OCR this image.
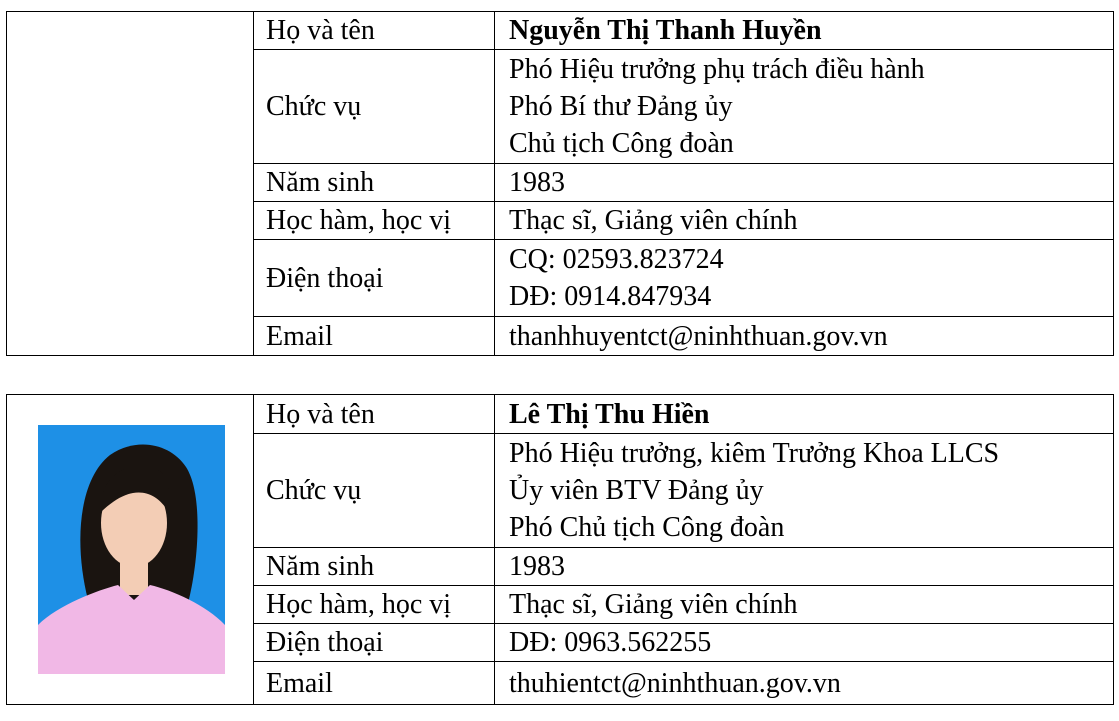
	Họ và tên	Nguyễn Thị Thanh Huyền
	Chức vụ	Phó Hiệu trưởng phụ trách điều hành
Phó Bí thư Đảng ủy
Chủ tịch Công đoàn

	Năm sinh	1983
	Học hàm, học vị	Thạc sĩ, Giảng viên chính
	Điện thoại	CQ: 02593.823724
DĐ: 0914.847934

	Email	thanhhuyentct@ninhthuan.gov.vn
	Họ và tên	Lê Thị Thu Hiền
	Chức vụ	Phó Hiệu trưởng, kiêm Trưởng Khoa LLCS
Ủy viên BTV Đảng ủy
Phó Chủ tịch Công đoàn

	Năm sinh	1983
	Học hàm, học vị	Thạc sĩ, Giảng viên chính
	Điện thoại	DĐ: 0963.562255

	Email	thuhientct@ninhthuan.gov.vn
